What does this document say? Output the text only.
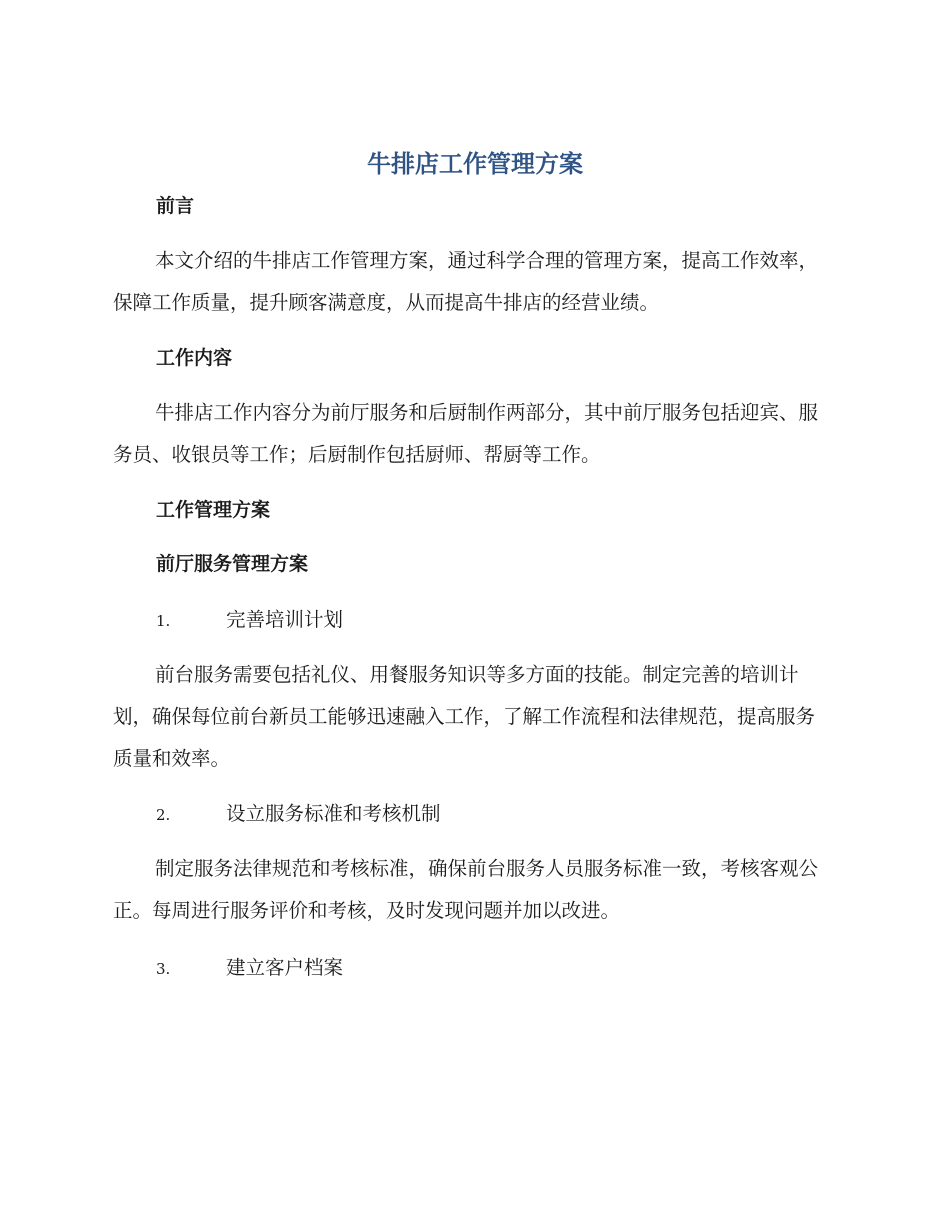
牛排店工作管理方案
前言

本文介绍的牛排店工作管理方案，通过科学合理的管理方案，提高工作效率，保障工作质量，提升顾客满意度，从而提高牛排店的经营业绩。

工作内容

牛排店工作内容分为前厅服务和后厨制作两部分，其中前厅服务包括迎宾、服务员、收银员等工作；后厨制作包括厨师、帮厨等工作。

工作管理方案
前厅服务管理方案
1.	完善培训计划

前台服务需要包括礼仪、用餐服务知识等多方面的技能。制定完善的培训计划，确保每位前台新员工能够迅速融入工作，了解工作流程和法律规范，提高服务质量和效率。

2.	设立服务标准和考核机制

制定服务法律规范和考核标准，确保前台服务人员服务标准一致，考核客观公正。每周进行服务评价和考核，及时发现问题并加以改进。

3.	建立客户档案
